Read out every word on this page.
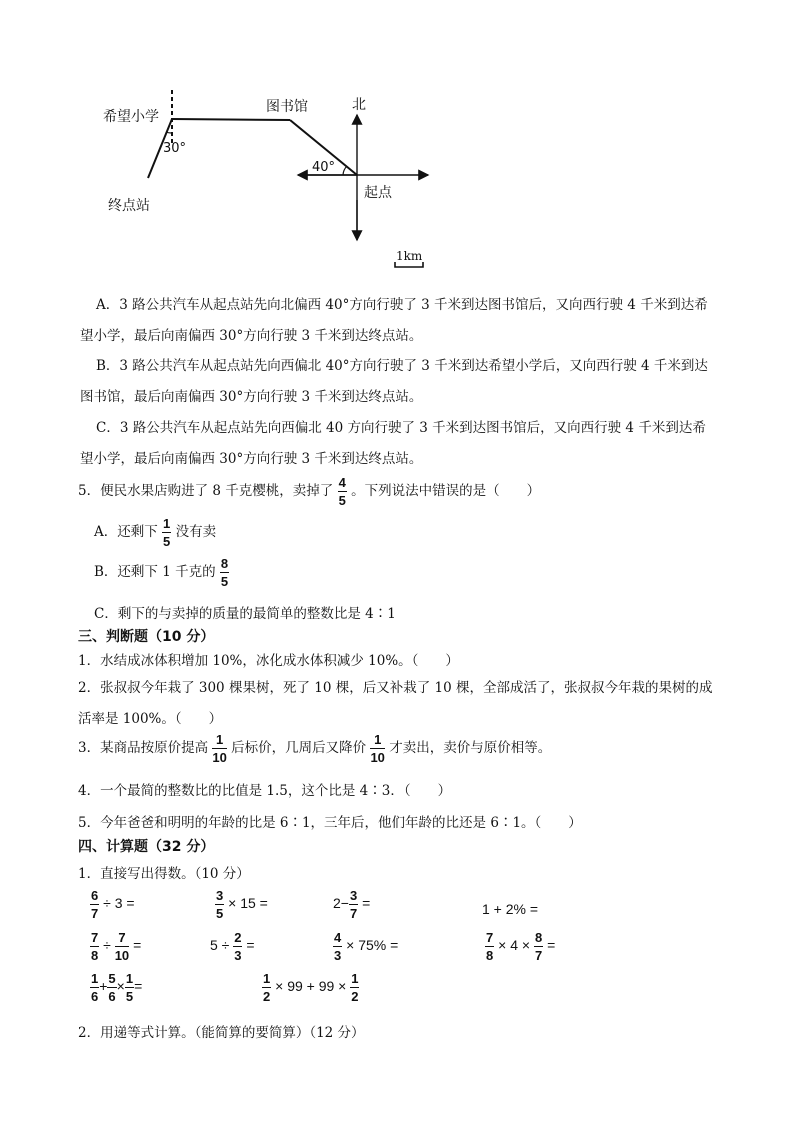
希望小学
图书馆	北
起点
终点站
30°
40°
1km
A．3 路公共汽车从起点站先向北偏西 40°方向行驶了 3 千米到达图书馆后，又向西行驶 4 千米到达希
望小学，最后向南偏西 30°方向行驶 3 千米到达终点站。
B．3 路公共汽车从起点站先向西偏北 40°方向行驶了 3 千米到达希望小学后，又向西行驶 4 千米到达
图书馆，最后向南偏西 30°方向行驶 3 千米到达终点站。
C．3 路公共汽车从起点站先向西偏北 40 方向行驶了 3 千米到达图书馆后，又向西行驶 4 千米到达希
望小学，最后向南偏西 30°方向行驶 3 千米到达终点站。
5．便民水果店购进了 8 千克樱桃，卖掉了 $\frac{4}{5}$ 。下列说法中错误的是（　　）
A．还剩下 $\frac{1}{5}$ 没有卖
B．还剩下 1 千克的 $\frac{8}{5}$
C．剩下的与卖掉的质量的最简单的整数比是 4∶1
三、判断题（10 分）
1．水结成冰体积增加 10%，冰化成水体积减少 10%。（　　）
2．张叔叔今年栽了 300 棵果树，死了 10 棵，后又补栽了 10 棵，全部成活了，张叔叔今年栽的果树的成
活率是 100%。（　　）
3．某商品按原价提高 $\frac{1}{10}$ 后标价，几周后又降价 $\frac{1}{10}$ 才卖出，卖价与原价相等。
4．一个最简的整数比的比值是 1.5，这个比是 4∶3．（　　）
5．今年爸爸和明明的年龄的比是 6∶1，三年后，他们年龄的比还是 6∶1。（　　）
四、计算题（32 分）
1．直接写出得数。（10 分）
$\frac{6}{7} \div 3$ =	$\frac{3}{5} \times 15$ =	$2- \frac{3}{7}$ =	1 + 2% =
$\frac{7}{8} \div \frac{7}{10}$ =	$5 \div \frac{2}{3}$ =	$\frac{4}{3} \times 75\%$ =	$\frac{7}{8} \times 4 \times \frac{8}{7}$ =
$\frac{1}{6} + \frac{5}{6} \times \frac{1}{5}$ =	$\frac{1}{2} \times 99 + 99 \times \frac{1}{2}$
2．用递等式计算。（能简算的要简算）（12 分）
